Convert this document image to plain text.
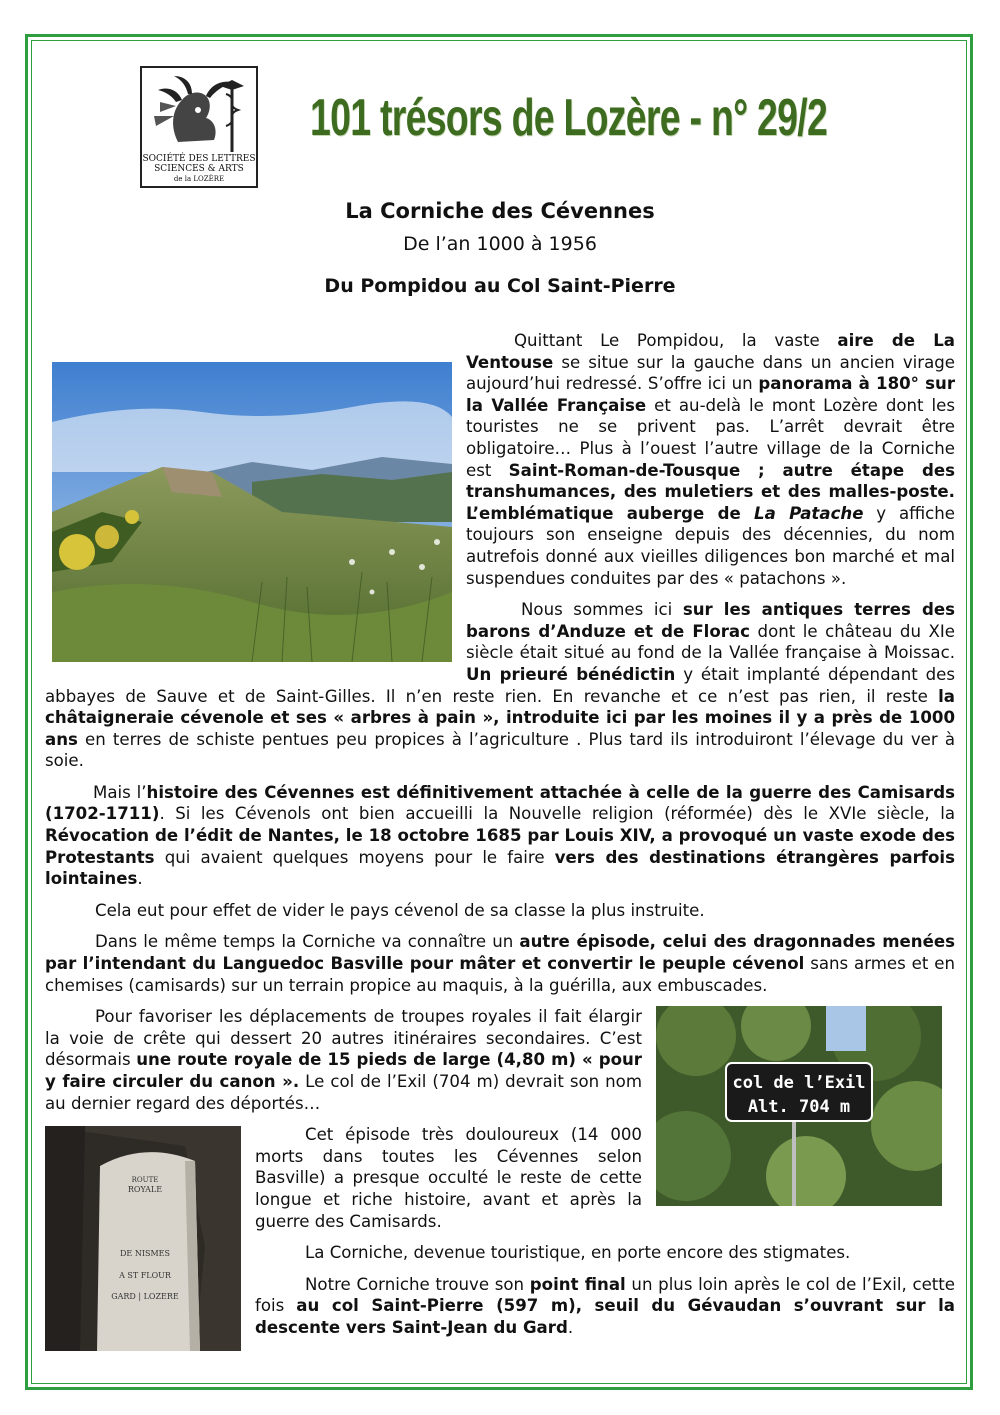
SOCIÉTÉ DES LETTRES
SCIENCES & ARTS
de la LOZÈRE
101 trésors de Lozère - n° 29/2
La Corniche des Cévennes
De l’an 1000 à 1956
Du Pompidou au Col Saint-Pierre

Quittant Le Pompidou, la vaste aire de La Ventouse se situe sur la gauche dans un ancien virage aujourd’hui redressé. S’offre ici un panorama à 180° sur la Vallée Française et au-delà le mont Lozère dont les touristes ne se privent pas. L’arrêt devrait être obligatoire… Plus à l’ouest l’autre village de la Corniche est Saint-Roman-de-Tousque ; autre étape des transhumances, des muletiers et des malles-poste. L’emblématique auberge de La Patache y affiche toujours son enseigne depuis des décennies, du nom autrefois donné aux vieilles diligences bon marché et mal suspendues conduites par des « patachons ».

Nous sommes ici sur les antiques terres des barons d’Anduze et de Florac dont le château du XIe siècle était situé au fond de la Vallée française à Moissac. Un prieuré bénédictin y était implanté dépendant des abbayes de Sauve et de Saint-Gilles. Il n’en reste rien. En revanche et ce n’est pas rien, il reste la châtaigneraie cévenole et ses « arbres à pain », introduite ici par les moines il y a près de 1000 ans en terres de schiste pentues peu propices à l’agriculture . Plus tard ils introduiront l’élevage du ver à soie.

Mais l’histoire des Cévennes est définitivement attachée à celle de la guerre des Camisards (1702-1711). Si les Cévenols ont bien accueilli la Nouvelle religion (réformée) dès le XVIe siècle, la Révocation de l’édit de Nantes, le 18 octobre 1685 par Louis XIV, a provoqué un vaste exode des Protestants qui avaient quelques moyens pour le faire vers des destinations étrangères parfois lointaines.

Cela eut pour effet de vider le pays cévenol de sa classe la plus instruite.

Dans le même temps la Corniche va connaître un autre épisode, celui des dragonnades menées par l’intendant du Languedoc Basville pour mâter et convertir le peuple cévenol sans armes et en chemises (camisards) sur un terrain propice au maquis, à la guérilla, aux embuscades.

col de l’Exil
Alt. 704 m

Pour favoriser les déplacements de troupes royales il fait élargir la voie de crête qui dessert 20 autres itinéraires secondaires. C’est désormais une route royale de 15 pieds de large (4,80 m) « pour y faire circuler du canon ». Le col de l’Exil (704 m) devrait son nom au dernier regard des déportés…

ROUTE
ROYALE
DE NISMES
A ST FLOUR
GARD | LOZERE

Cet épisode très douloureux (14 000 morts dans toutes les Cévennes selon Basville) a presque occulté le reste de cette longue et riche histoire, avant et après la guerre des Camisards.

La Corniche, devenue touristique, en porte encore des stigmates.

Notre Corniche trouve son point final un plus loin après le col de l’Exil, cette fois au col Saint-Pierre (597 m), seuil du Gévaudan s’ouvrant sur la descente vers Saint-Jean du Gard.
